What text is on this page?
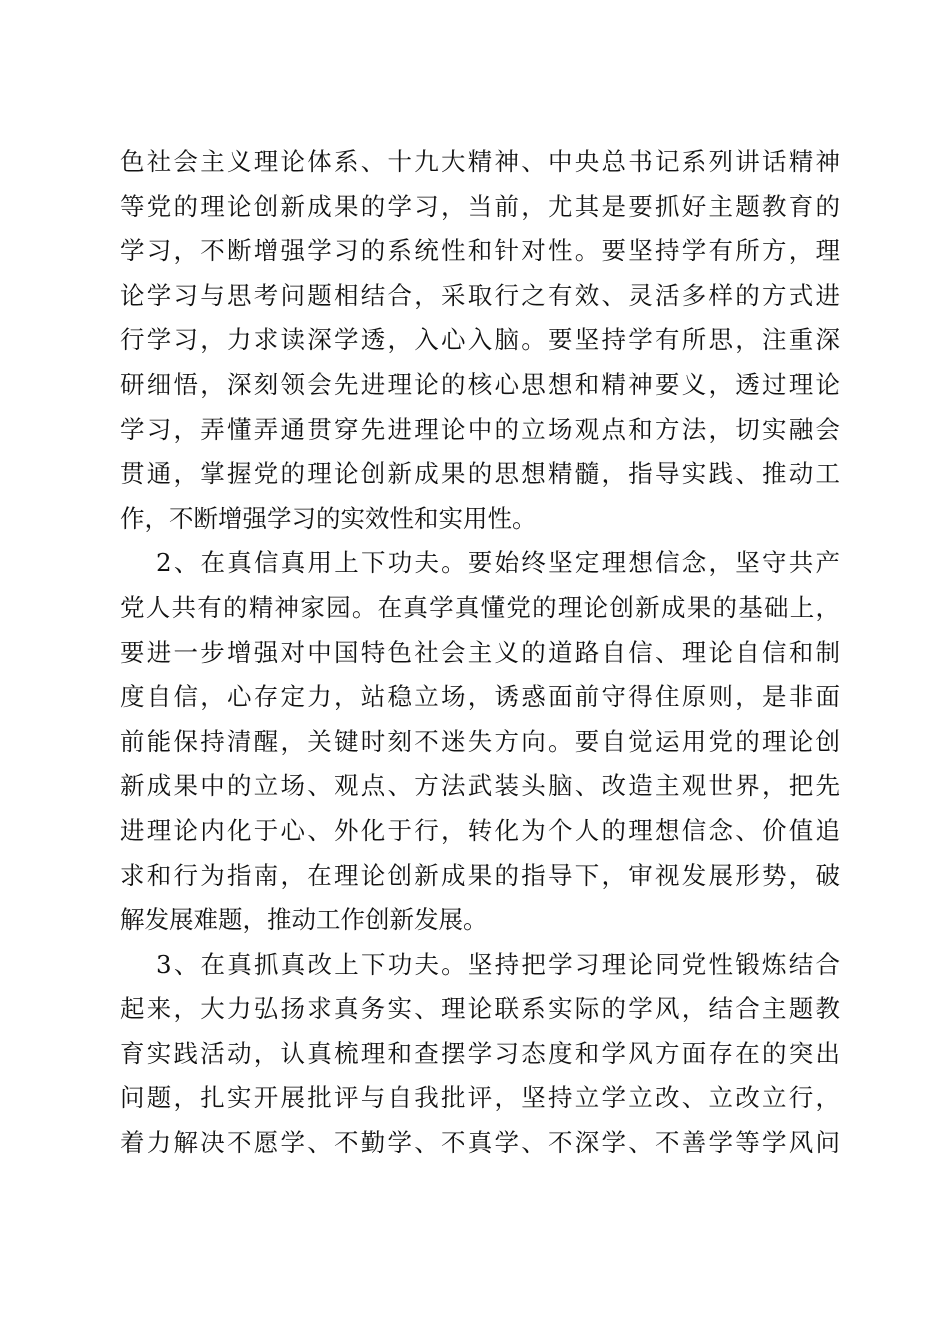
色社会主义理论体系、十九大精神、中央总书记系列讲话精神
等党的理论创新成果的学习，当前，尤其是要抓好主题教育的
学习，不断增强学习的系统性和针对性。要坚持学有所方，理
论学习与思考问题相结合，采取行之有效、灵活多样的方式进
行学习，力求读深学透，入心入脑。要坚持学有所思，注重深
研细悟，深刻领会先进理论的核心思想和精神要义，透过理论
学习，弄懂弄通贯穿先进理论中的立场观点和方法，切实融会
贯通，掌握党的理论创新成果的思想精髓，指导实践、推动工
作，不断增强学习的实效性和实用性。
2、在真信真用上下功夫。要始终坚定理想信念，坚守共产
党人共有的精神家园。在真学真懂党的理论创新成果的基础上，
要进一步增强对中国特色社会主义的道路自信、理论自信和制
度自信，心存定力，站稳立场，诱惑面前守得住原则，是非面
前能保持清醒，关键时刻不迷失方向。要自觉运用党的理论创
新成果中的立场、观点、方法武装头脑、改造主观世界，把先
进理论内化于心、外化于行，转化为个人的理想信念、价值追
求和行为指南，在理论创新成果的指导下，审视发展形势，破
解发展难题，推动工作创新发展。
3、在真抓真改上下功夫。坚持把学习理论同党性锻炼结合
起来，大力弘扬求真务实、理论联系实际的学风，结合主题教
育实践活动，认真梳理和查摆学习态度和学风方面存在的突出
问题，扎实开展批评与自我批评，坚持立学立改、立改立行，
着力解决不愿学、不勤学、不真学、不深学、不善学等学风问
